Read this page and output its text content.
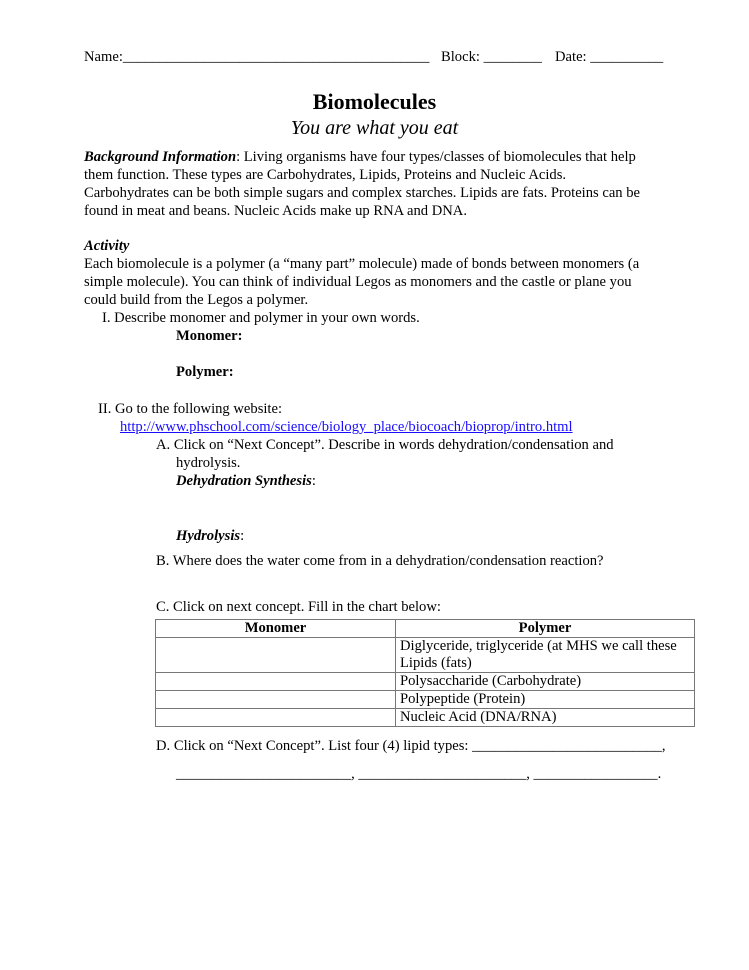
Name:__________________________________________ Block: ________ Date: __________
Biomolecules
You are what you eat
Background Information: Living organisms have four types/classes of biomolecules that help
them function. These types are Carbohydrates, Lipids, Proteins and Nucleic Acids.
Carbohydrates can be both simple sugars and complex starches. Lipids are fats. Proteins can be
found in meat and beans. Nucleic Acids make up RNA and DNA.
Activity
Each biomolecule is a polymer (a “many part” molecule) made of bonds between monomers (a
simple molecule). You can think of individual Legos as monomers and the castle or plane you
could build from the Legos a polymer.
I. Describe monomer and polymer in your own words.
Monomer:
Polymer:
II. Go to the following website:
http://www.phschool.com/science/biology_place/biocoach/bioprop/intro.html
A. Click on “Next Concept”. Describe in words dehydration/condensation and
hydrolysis.
Dehydration Synthesis:
Hydrolysis:
B. Where does the water come from in a dehydration/condensation reaction?
C. Click on next concept. Fill in the chart below:
Monomer	Polymer
	Diglyceride, triglyceride (at MHS we call these Lipids (fats)
	Polysaccharide (Carbohydrate)
	Polypeptide (Protein)
	Nucleic Acid (DNA/RNA)
D. Click on “Next Concept”. List four (4) lipid types: __________________________,
________________________, _______________________, _________________.
